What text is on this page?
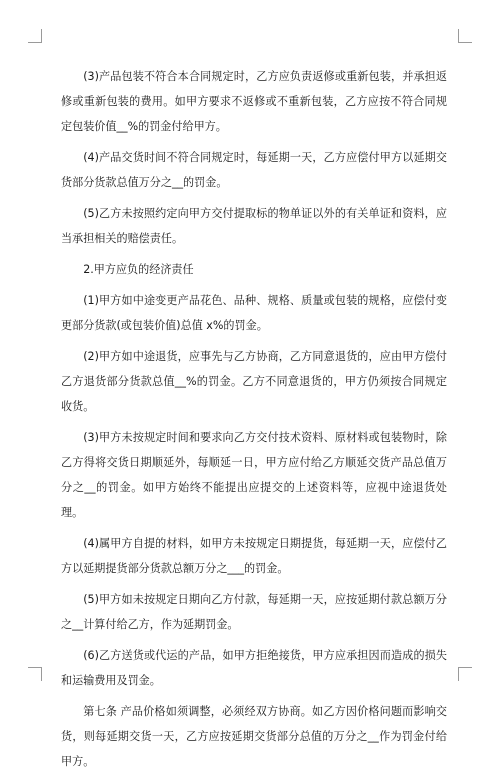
(3)产品包装不符合本合同规定时，乙方应负责返修或重新包装，并承担返修或重新包装的费用。如甲方要求不返修或不重新包装，乙方应按不符合同规定包装价值__%的罚金付给甲方。

(4)产品交货时间不符合同规定时，每延期一天，乙方应偿付甲方以延期交货部分货款总值万分之__的罚金。

(5)乙方未按照约定向甲方交付提取标的物单证以外的有关单证和资料，应当承担相关的赔偿责任。

2.甲方应负的经济责任

(1)甲方如中途变更产品花色、品种、规格、质量或包装的规格，应偿付变更部分货款(或包装价值)总值 x%的罚金。

(2)甲方如中途退货，应事先与乙方协商，乙方同意退货的，应由甲方偿付乙方退货部分货款总值__%的罚金。乙方不同意退货的，甲方仍须按合同规定收货。

(3)甲方未按规定时间和要求向乙方交付技术资料、原材料或包装物时，除乙方得将交货日期顺延外，每顺延一日，甲方应付给乙方顺延交货产品总值万分之__的罚金。如甲方始终不能提出应提交的上述资料等，应视中途退货处理。

(4)属甲方自提的材料，如甲方未按规定日期提货，每延期一天，应偿付乙方以延期提货部分货款总额万分之___的罚金。

(5)甲方如未按规定日期向乙方付款，每延期一天，应按延期付款总额万分之__计算付给乙方，作为延期罚金。

(6)乙方送货或代运的产品，如甲方拒绝接货，甲方应承担因而造成的损失和运输费用及罚金。

第七条 产品价格如须调整，必须经双方协商。如乙方因价格问题而影响交货，则每延期交货一天，乙方应按延期交货部分总值的万分之__作为罚金付给甲方。
